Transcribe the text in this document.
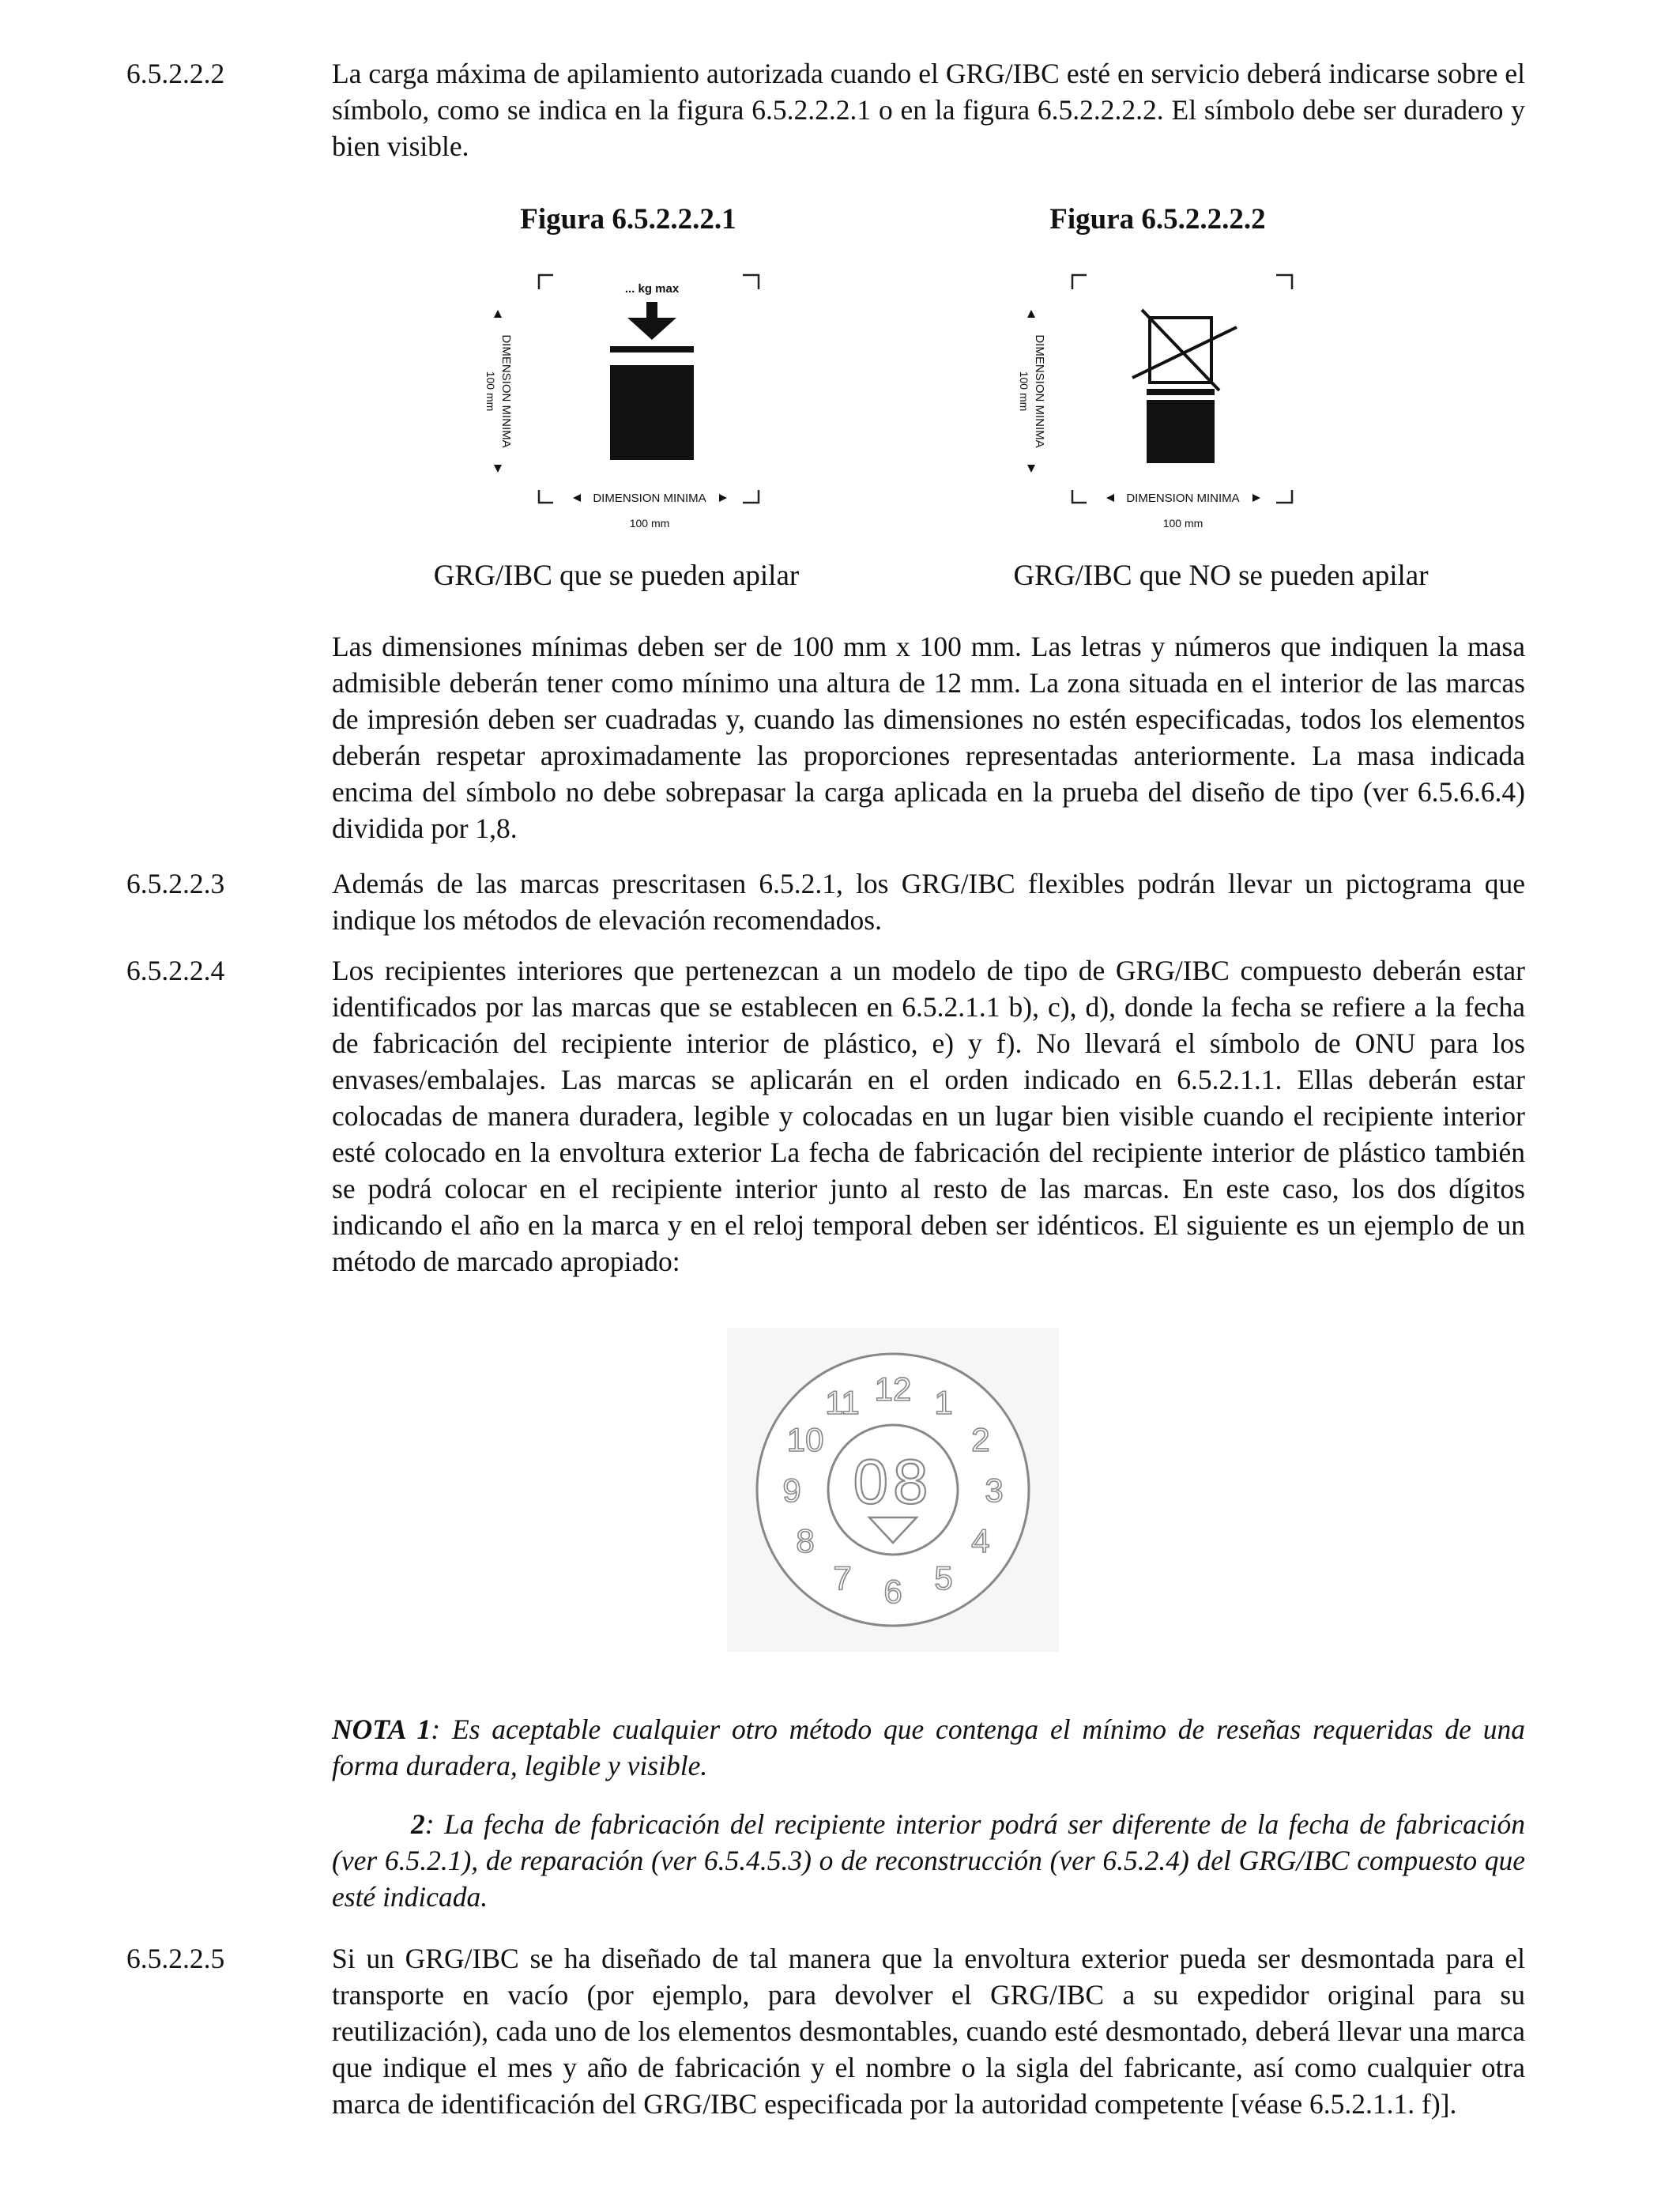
6.5.2.2.2	La carga máxima de apilamiento autorizada cuando el GRG/IBC esté en servicio deberá indicarse sobre el símbolo, como se indica en la figura 6.5.2.2.2.1 o en la figura 6.5.2.2.2.2. El símbolo debe ser duradero y bien visible.

Figura 6.5.2.2.2.1	Figura 6.5.2.2.2.2
... kg max
DIMENSION MINIMA
100 mm
DIMENSION MINIMA
100 mm
DIMENSION MINIMA
100 mm
DIMENSION MINIMA
100 mm
GRG/IBC que se pueden apilar	GRG/IBC que NO se pueden apilar

Las dimensiones mínimas deben ser de 100 mm x 100 mm. Las letras y números que indiquen la masa admisible deberán tener como mínimo una altura de 12 mm. La zona situada en el interior de las marcas de impresión deben ser cuadradas y, cuando las dimensiones no estén especificadas, todos los elementos deberán respetar aproximadamente las proporciones representadas anteriormente. La masa indicada encima del símbolo no debe sobrepasar la carga aplicada en la prueba del diseño de tipo (ver 6.5.6.6.4) dividida por 1,8.

6.5.2.2.3	Además de las marcas prescritasen 6.5.2.1, los GRG/IBC flexibles podrán llevar un pictograma que indique los métodos de elevación recomendados.

6.5.2.2.4	Los recipientes interiores que pertenezcan a un modelo de tipo de GRG/IBC compuesto deberán estar identificados por las marcas que se establecen en 6.5.2.1.1 b), c), d), donde la fecha se refiere a la fecha de fabricación del recipiente interior de plástico, e) y f). No llevará el símbolo de ONU para los envases/embalajes. Las marcas se aplicarán en el orden indicado en 6.5.2.1.1. Ellas deberán estar colocadas de manera duradera, legible y colocadas en un lugar bien visible cuando el recipiente interior esté colocado en la envoltura exterior La fecha de fabricación del recipiente interior de plástico también se podrá colocar en el recipiente interior junto al resto de las marcas. En este caso, los dos dígitos indicando el año en la marca y en el reloj temporal deben ser idénticos. El siguiente es un ejemplo de un método de marcado apropiado:

12 1
2
3
4
5
6
7
8
9
10
11
08

NOTA 1: Es aceptable cualquier otro método que contenga el mínimo de reseñas requeridas de una forma duradera, legible y visible.

2: La fecha de fabricación del recipiente interior podrá ser diferente de la fecha de fabricación (ver 6.5.2.1), de reparación (ver 6.5.4.5.3) o de reconstrucción (ver 6.5.2.4) del GRG/IBC compuesto que esté indicada.

6.5.2.2.5	Si un GRG/IBC se ha diseñado de tal manera que la envoltura exterior pueda ser desmontada para el transporte en vacío (por ejemplo, para devolver el GRG/IBC a su expedidor original para su reutilización), cada uno de los elementos desmontables, cuando esté desmontado, deberá llevar una marca que indique el mes y año de fabricación y el nombre o la sigla del fabricante, así como cualquier otra marca de identificación del GRG/IBC especificada por la autoridad competente [véase 6.5.2.1.1. f)].
